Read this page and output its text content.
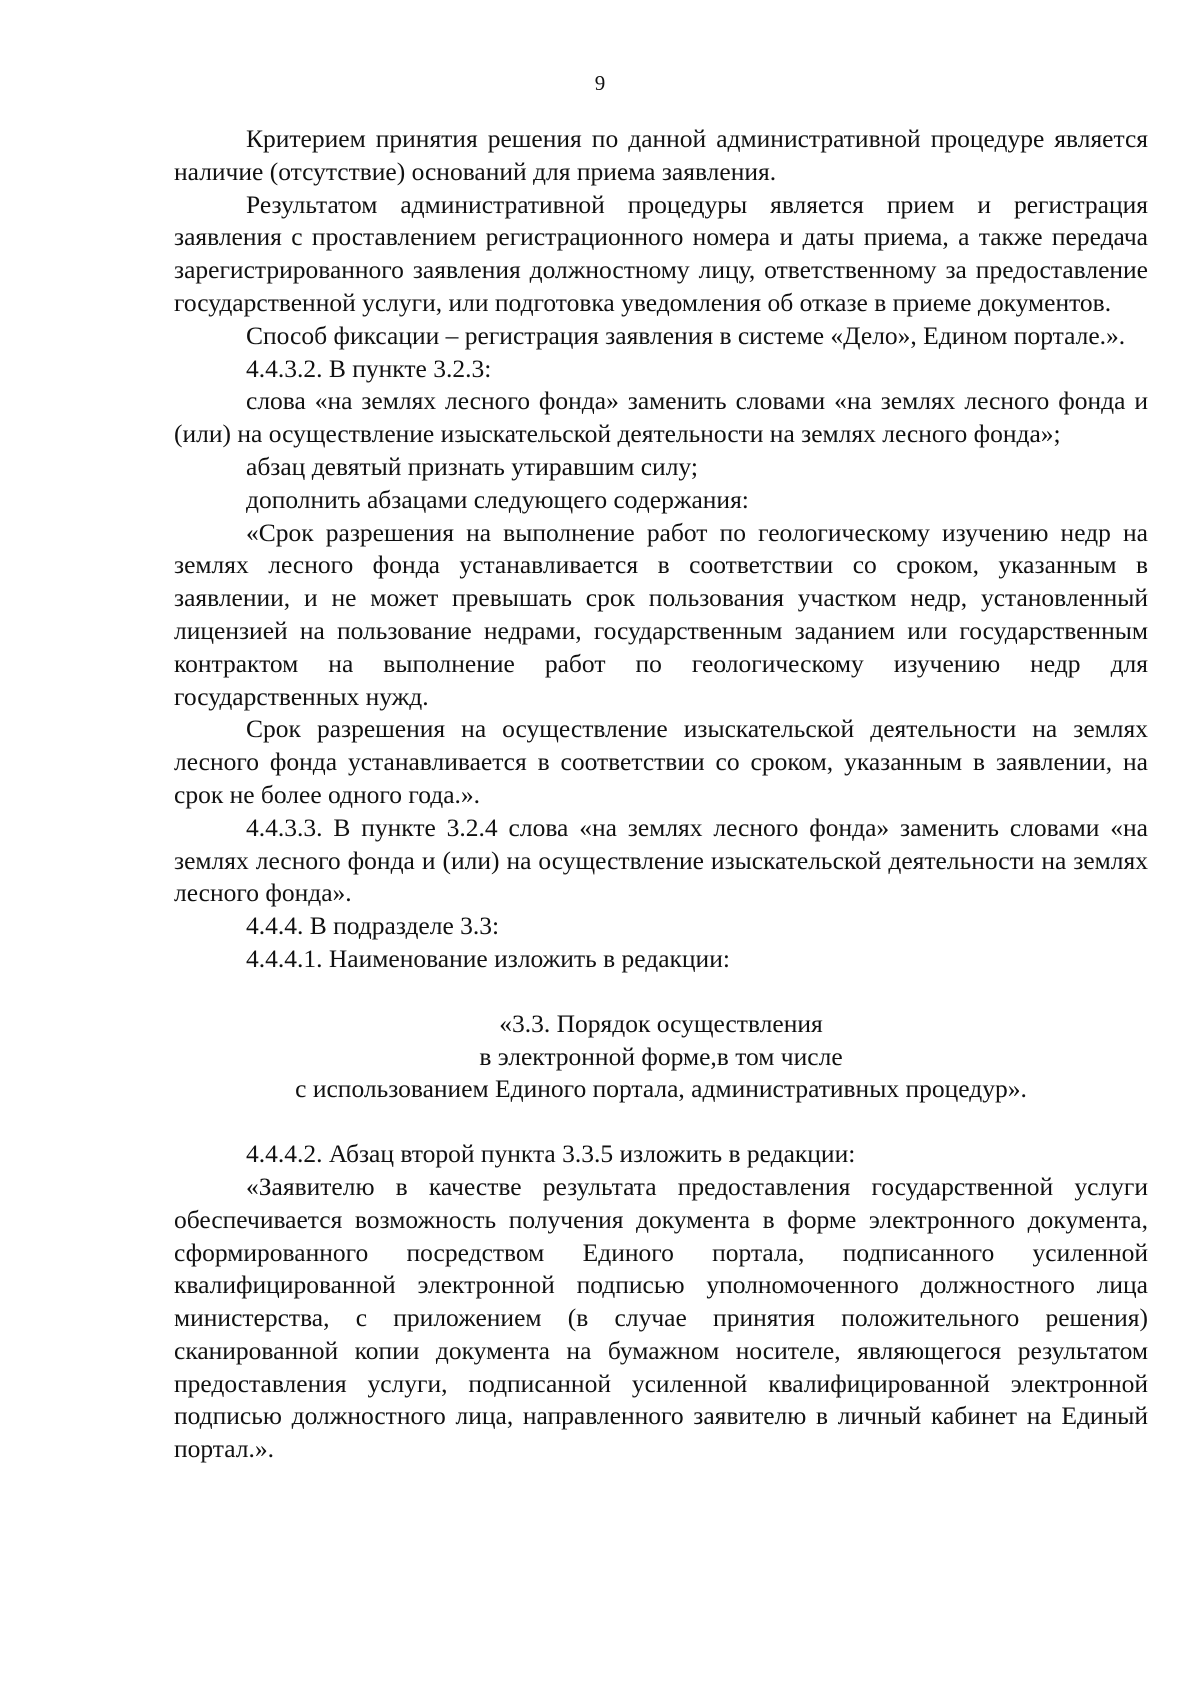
9

Критерием принятия решения по данной административной процедуре является наличие (отсутствие) оснований для приема заявления.

Результатом административной процедуры является прием и регистрация заявления с проставлением регистрационного номера и даты приема, а также передача зарегистрированного заявления должностному лицу, ответственному за предоставление государственной услуги, или подготовка уведомления об отказе в приеме документов.

Способ фиксации – регистрация заявления в системе «Дело», Едином портале.».

4.4.3.2. В пункте 3.2.3:

слова «на землях лесного фонда» заменить словами «на землях лесного фонда и (или) на осуществление изыскательской деятельности на землях лесного фонда»;

абзац девятый признать утиравшим силу;

дополнить абзацами следующего содержания:

«Срок разрешения на выполнение работ по геологическому изучению недр на землях лесного фонда устанавливается в соответствии со сроком, указанным в заявлении, и не может превышать срок пользования участком недр, установленный лицензией на пользование недрами, государственным заданием или государственным контрактом на выполнение работ по геологическому изучению недр для государственных нужд.

Срок разрешения на осуществление изыскательской деятельности на землях лесного фонда устанавливается в соответствии со сроком, указанным в заявлении, на срок не более одного года.».

4.4.3.3. В пункте 3.2.4 слова «на землях лесного фонда» заменить словами «на землях лесного фонда и (или) на осуществление изыскательской деятельности на землях лесного фонда».

4.4.4. В подразделе 3.3:

4.4.4.1. Наименование изложить в редакции:

«3.3. Порядок осуществления
в электронной форме,в том числе
с использованием Единого портала, административных процедур».

4.4.4.2. Абзац второй пункта 3.3.5 изложить в редакции:

«Заявителю в качестве результата предоставления государственной услуги обеспечивается возможность получения документа в форме электронного документа, сформированного посредством Единого портала, подписанного усиленной квалифицированной электронной подписью уполномоченного должностного лица министерства, с приложением (в случае принятия положительного решения) сканированной копии документа на бумажном носителе, являющегося результатом предоставления услуги, подписанной усиленной квалифицированной электронной подписью должностного лица, направленного заявителю в личный кабинет на Единый портал.».
